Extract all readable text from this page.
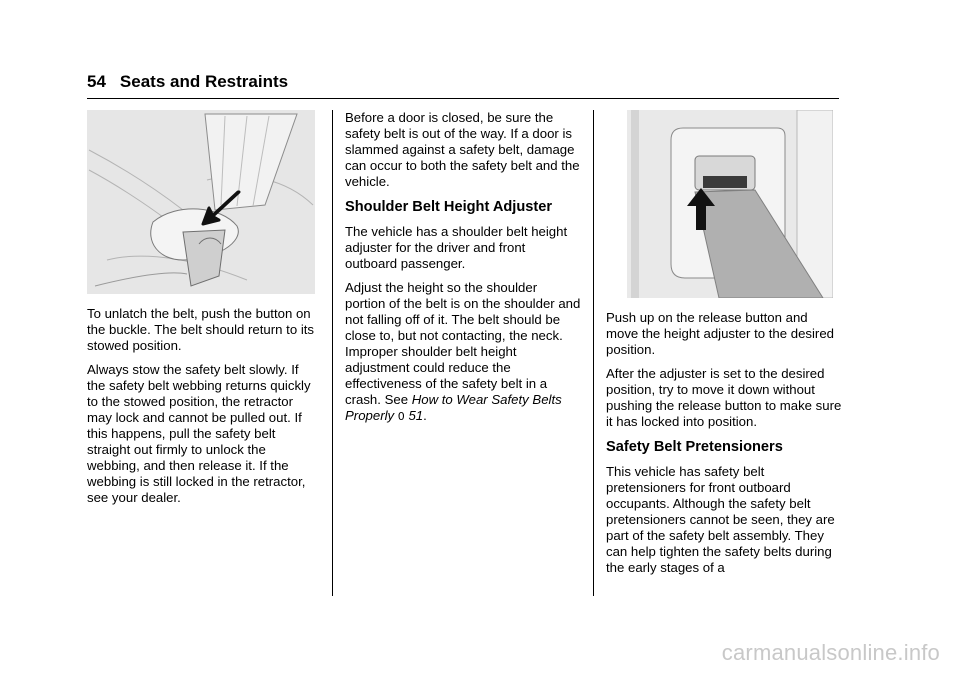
54 Seats and Restraints

To unlatch the belt, push the button on the buckle. The belt should return to its stowed position.

Always stow the safety belt slowly. If the safety belt webbing returns quickly to the stowed position, the retractor may lock and cannot be pulled out. If this happens, pull the safety belt straight out firmly to unlock the webbing, and then release it. If the webbing is still locked in the retractor, see your dealer.

Before a door is closed, be sure the safety belt is out of the way. If a door is slammed against a safety belt, damage can occur to both the safety belt and the vehicle.

Shoulder Belt Height Adjuster

The vehicle has a shoulder belt height adjuster for the driver and front outboard passenger.

Adjust the height so the shoulder portion of the belt is on the shoulder and not falling off of it. The belt should be close to, but not contacting, the neck. Improper shoulder belt height adjustment could reduce the effectiveness of the safety belt in a crash. See How to Wear Safety Belts Properly 0 51.

Push up on the release button and move the height adjuster to the desired position.

After the adjuster is set to the desired position, try to move it down without pushing the release button to make sure it has locked into position.

Safety Belt Pretensioners

This vehicle has safety belt pretensioners for front outboard occupants. Although the safety belt pretensioners cannot be seen, they are part of the safety belt assembly. They can help tighten the safety belts during the early stages of a

carmanualsonline.info
